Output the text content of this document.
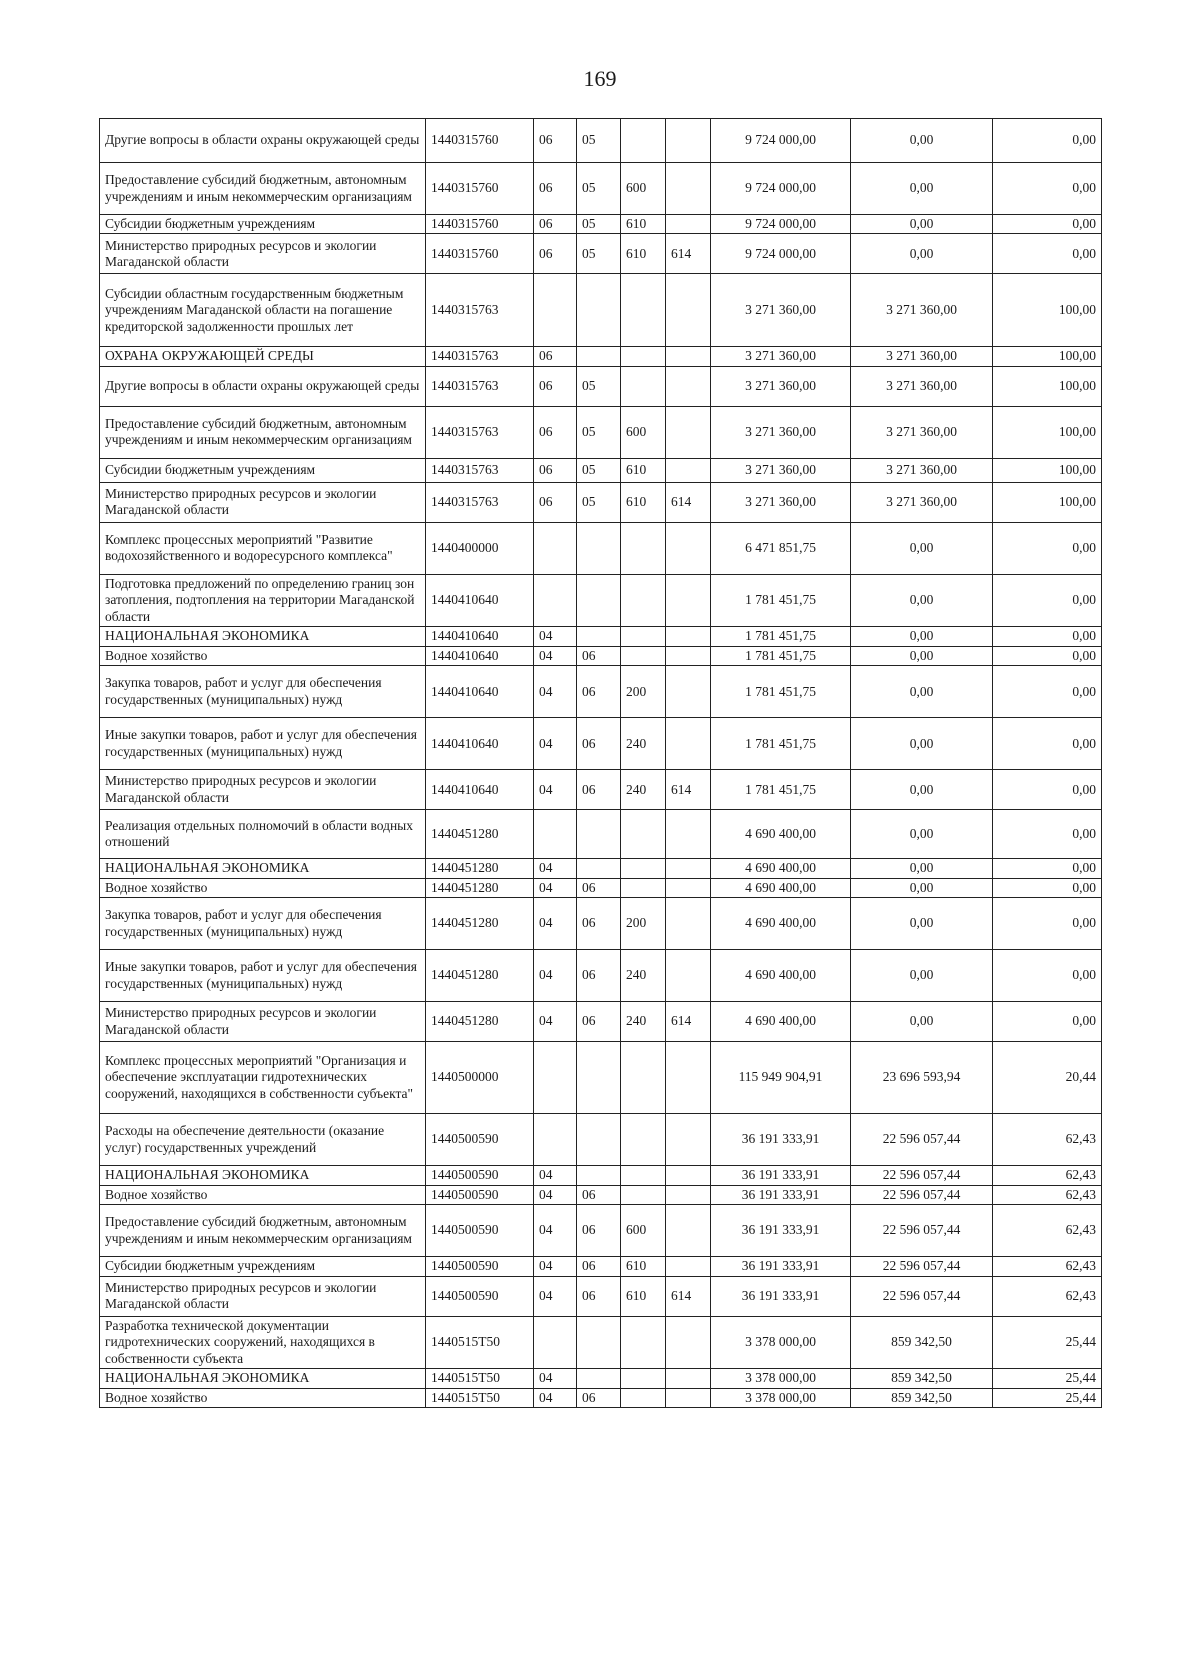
169
Другие вопросы в области охраны окружающей среды	1440315760	06	05			9 724 000,00	0,00	0,00
Предоставление субсидий бюджетным, автономным учреждениям и иным некоммерческим организациям	1440315760	06	05	600		9 724 000,00	0,00	0,00
Субсидии бюджетным учреждениям	1440315760	06	05	610		9 724 000,00	0,00	0,00
Министерство природных ресурсов и экологии Магаданской области	1440315760	06	05	610	614	9 724 000,00	0,00	0,00
Субсидии областным государственным бюджетным учреждениям Магаданской области на погашение кредиторской задолженности прошлых лет	1440315763					3 271 360,00	3 271 360,00	100,00
ОХРАНА ОКРУЖАЮЩЕЙ СРЕДЫ	1440315763	06				3 271 360,00	3 271 360,00	100,00
Другие вопросы в области охраны окружающей среды	1440315763	06	05			3 271 360,00	3 271 360,00	100,00
Предоставление субсидий бюджетным, автономным учреждениям и иным некоммерческим организациям	1440315763	06	05	600		3 271 360,00	3 271 360,00	100,00
Субсидии бюджетным учреждениям	1440315763	06	05	610		3 271 360,00	3 271 360,00	100,00
Министерство природных ресурсов и экологии Магаданской области	1440315763	06	05	610	614	3 271 360,00	3 271 360,00	100,00
Комплекс процессных мероприятий "Развитие водохозяйственного и водоресурсного комплекса"	1440400000					6 471 851,75	0,00	0,00
Подготовка предложений по определению границ зон затопления, подтопления на территории Магаданской области	1440410640					1 781 451,75	0,00	0,00
НАЦИОНАЛЬНАЯ ЭКОНОМИКА	1440410640	04				1 781 451,75	0,00	0,00
Водное хозяйство	1440410640	04	06			1 781 451,75	0,00	0,00
Закупка товаров, работ и услуг для обеспечения государственных (муниципальных) нужд	1440410640	04	06	200		1 781 451,75	0,00	0,00
Иные закупки товаров, работ и услуг для обеспечения государственных (муниципальных) нужд	1440410640	04	06	240		1 781 451,75	0,00	0,00
Министерство природных ресурсов и экологии Магаданской области	1440410640	04	06	240	614	1 781 451,75	0,00	0,00
Реализация отдельных полномочий в области водных отношений	1440451280					4 690 400,00	0,00	0,00
НАЦИОНАЛЬНАЯ ЭКОНОМИКА	1440451280	04				4 690 400,00	0,00	0,00
Водное хозяйство	1440451280	04	06			4 690 400,00	0,00	0,00
Закупка товаров, работ и услуг для обеспечения государственных (муниципальных) нужд	1440451280	04	06	200		4 690 400,00	0,00	0,00
Иные закупки товаров, работ и услуг для обеспечения государственных (муниципальных) нужд	1440451280	04	06	240		4 690 400,00	0,00	0,00
Министерство природных ресурсов и экологии Магаданской области	1440451280	04	06	240	614	4 690 400,00	0,00	0,00
Комплекс процессных мероприятий "Организация и обеспечение эксплуатации гидротехнических сооружений, находящихся в собственности субъекта"	1440500000					115 949 904,91	23 696 593,94	20,44
Расходы на обеспечение деятельности (оказание услуг) государственных учреждений	1440500590					36 191 333,91	22 596 057,44	62,43
НАЦИОНАЛЬНАЯ ЭКОНОМИКА	1440500590	04				36 191 333,91	22 596 057,44	62,43
Водное хозяйство	1440500590	04	06			36 191 333,91	22 596 057,44	62,43
Предоставление субсидий бюджетным, автономным учреждениям и иным некоммерческим организациям	1440500590	04	06	600		36 191 333,91	22 596 057,44	62,43
Субсидии бюджетным учреждениям	1440500590	04	06	610		36 191 333,91	22 596 057,44	62,43
Министерство природных ресурсов и экологии Магаданской области	1440500590	04	06	610	614	36 191 333,91	22 596 057,44	62,43
Разработка технической документации гидротехнических сооружений, находящихся в собственности субъекта	1440515T50					3 378 000,00	859 342,50	25,44
НАЦИОНАЛЬНАЯ ЭКОНОМИКА	1440515T50	04				3 378 000,00	859 342,50	25,44
Водное хозяйство	1440515T50	04	06			3 378 000,00	859 342,50	25,44
